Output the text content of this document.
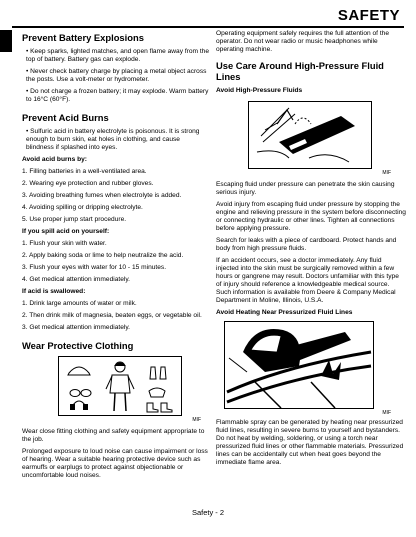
SAFETY
Prevent Battery Explosions

• Keep sparks, lighted matches, and open flame away from the top of battery. Battery gas can explode.

• Never check battery charge by placing a metal object across the posts. Use a volt-meter or hydrometer.

• Do not charge a frozen battery; it may explode. Warm battery to 16°C (60°F).

Prevent Acid Burns

• Sulfuric acid in battery electrolyte is poisonous. It is strong enough to burn skin, eat holes in clothing, and cause blindness if splashed into eyes.

Avoid acid burns by:

1. Filling batteries in a well-ventilated area.

2. Wearing eye protection and rubber gloves.

3. Avoiding breathing fumes when electrolyte is added.

4. Avoiding spilling or dripping electrolyte.

5. Use proper jump start procedure.

If you spill acid on yourself:

1. Flush your skin with water.

2. Apply baking soda or lime to help neutralize the acid.

3. Flush your eyes with water for 10 - 15 minutes.

4. Get medical attention immediately.

If acid is swallowed:

1. Drink large amounts of water or milk.

2. Then drink milk of magnesia, beaten eggs, or vegetable oil.

3. Get medical attention immediately.

Wear Protective Clothing
MIF

Wear close fitting clothing and safety equipment appropriate to the job.

Prolonged exposure to loud noise can cause impairment or loss of hearing. Wear a suitable hearing protective device such as earmuffs or earplugs to protect against objectionable or uncomfortable loud noises.

Operating equipment safely requires the full attention of the operator. Do not wear radio or music headphones while operating machine.

Use Care Around High-Pressure Fluid Lines
Avoid High-Pressure Fluids
MIF

Escaping fluid under pressure can penetrate the skin causing serious injury.

Avoid injury from escaping fluid under pressure by stopping the engine and relieving pressure in the system before disconnecting or connecting hydraulic or other lines. Tighten all connections before applying pressure.

Search for leaks with a piece of cardboard. Protect hands and body from high pressure fluids.

If an accident occurs, see a doctor immediately. Any fluid injected into the skin must be surgically removed within a few hours or gangrene may result. Doctors unfamiliar with this type of injury should reference a knowledgeable medical source. Such information is available from Deere & Company Medical Department in Moline, Illinois, U.S.A.

Avoid Heating Near Pressurized Fluid Lines
MIF

Flammable spray can be generated by heating near pressurized fluid lines, resulting in severe burns to yourself and bystanders. Do not heat by welding, soldering, or using a torch near pressurized fluid lines or other flammable materials. Pressurized lines can be accidentally cut when heat goes beyond the immediate flame area.

Safety - 2
